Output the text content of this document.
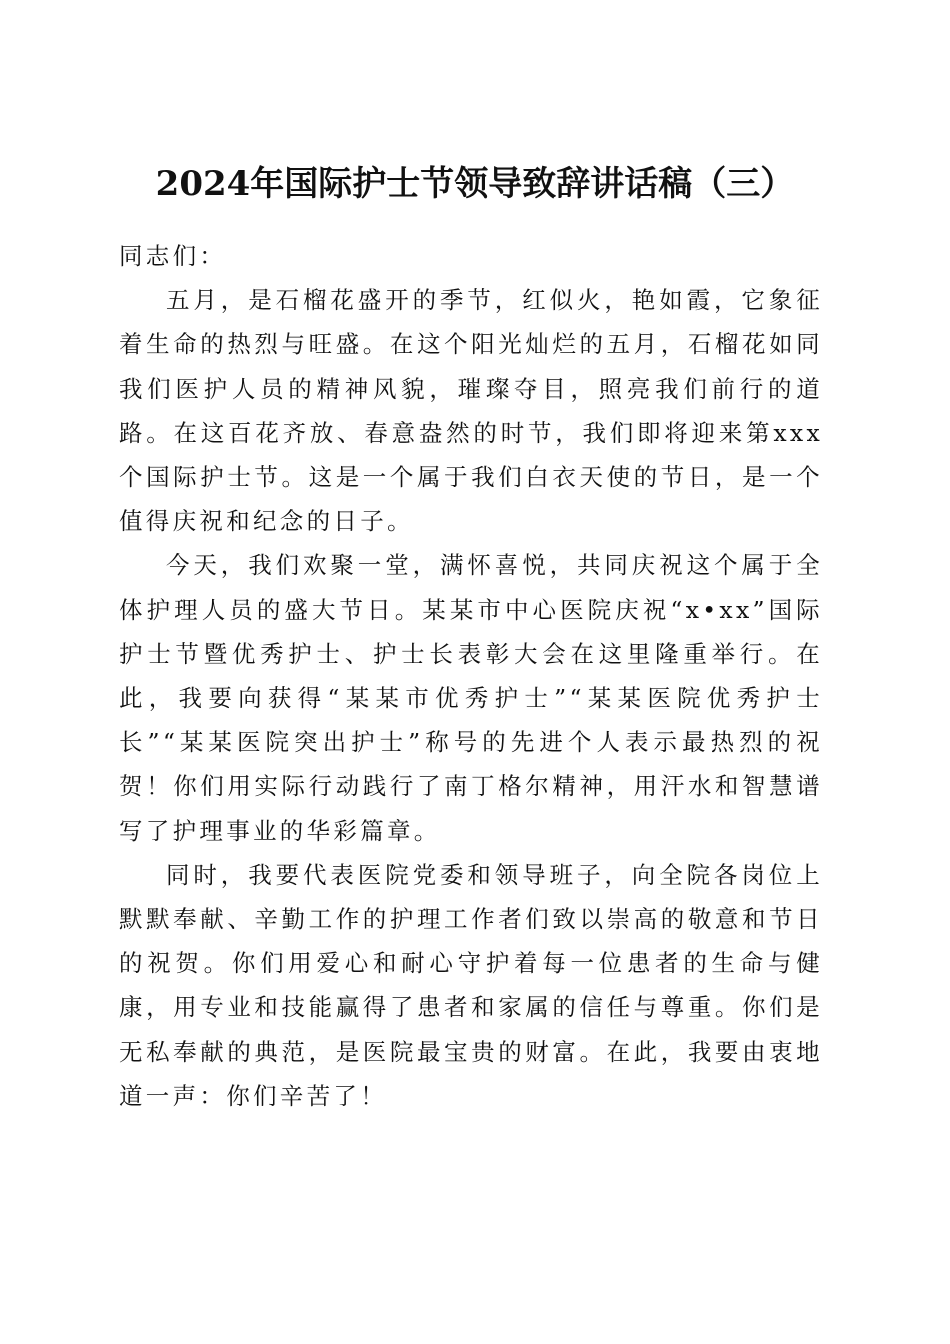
2024年国际护士节领导致辞讲话稿（三）

同志们：

五月，是石榴花盛开的季节，红似火，艳如霞，它象征着生命的热烈与旺盛。在这个阳光灿烂的五月，石榴花如同我们医护人员的精神风貌，璀璨夺目，照亮我们前行的道路。在这百花齐放、春意盎然的时节，我们即将迎来第xxx个国际护士节。这是一个属于我们白衣天使的节日，是一个值得庆祝和纪念的日子。

今天，我们欢聚一堂，满怀喜悦，共同庆祝这个属于全体护理人员的盛大节日。某某市中心医院庆祝“x•xx”国际护士节暨优秀护士、护士长表彰大会在这里隆重举行。在此，我要向获得“某某市优秀护士”“某某医院优秀护士长”“某某医院突出护士”称号的先进个人表示最热烈的祝贺！你们用实际行动践行了南丁格尔精神，用汗水和智慧谱写了护理事业的华彩篇章。

同时，我要代表医院党委和领导班子，向全院各岗位上默默奉献、辛勤工作的护理工作者们致以崇高的敬意和节日的祝贺。你们用爱心和耐心守护着每一位患者的生命与健康，用专业和技能赢得了患者和家属的信任与尊重。你们是无私奉献的典范，是医院最宝贵的财富。在此，我要由衷地道一声：你们辛苦了！
